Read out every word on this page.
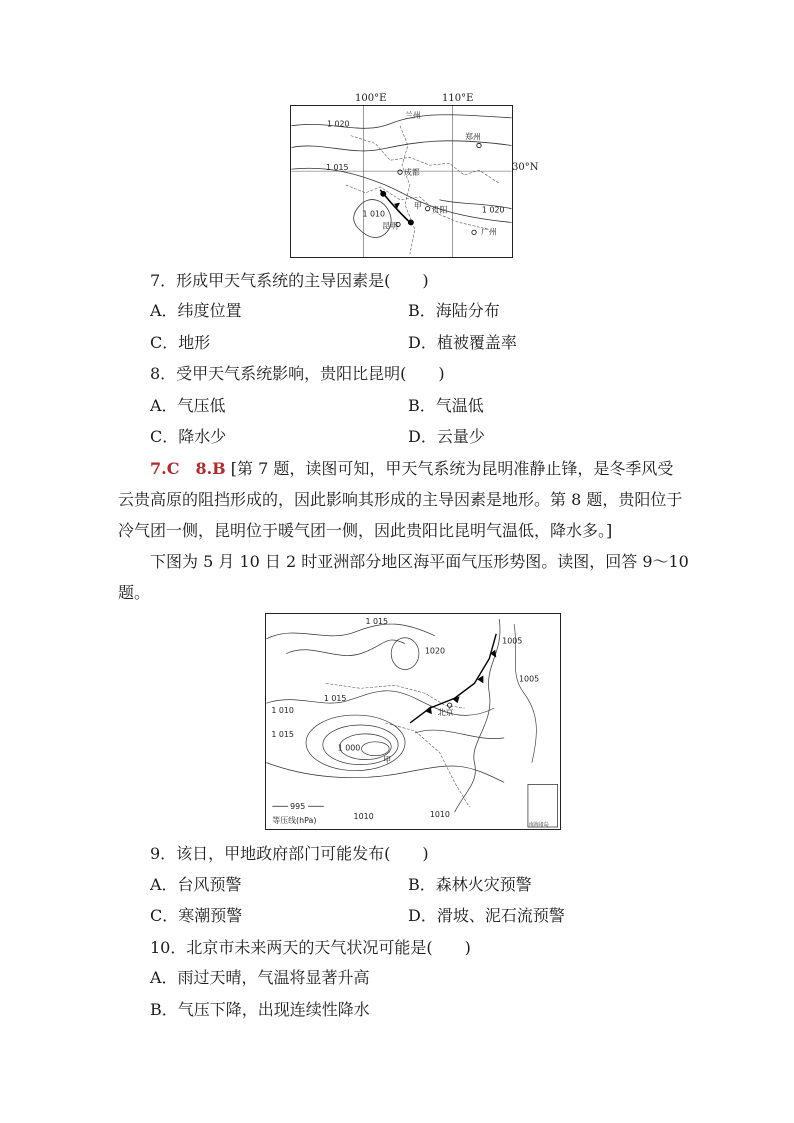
1 020
1 015
1 010	1 020
兰州
郑州
成都
贵阳
昆明
广州
甲
30°N
100°E	110°E
7．形成甲天气系统的主导因素是(　　)
A．纬度位置	B．海陆分布
C．地形	D．植被覆盖率
8．受甲天气系统影响，贵阳比昆明(　　)
A．气压低	B．气温低
C．降水少	D．云量少
7.C　8.B [第 7 题，读图可知，甲天气系统为昆明准静止锋，是冬季风受
云贵高原的阻挡形成的，因此影响其形成的主导因素是地形。第 8 题，贵阳位于
冷气团一侧，昆明位于暖气团一侧，因此贵阳比昆明气温低，降水多。]
下图为 5 月 10 日 2 时亚洲部分地区海平面气压形势图。读图，回答 9～10
题。
1 015
1 015
1 015
1 010
1 000
1020
1005
1005
1010	1010
北京
甲
995
等压线(hPa)	南海诸岛
9．该日，甲地政府部门可能发布(　　)
A．台风预警	B．森林火灾预警
C．寒潮预警	D．滑坡、泥石流预警
10．北京市未来两天的天气状况可能是(　　)
A．雨过天晴，气温将显著升高
B．气压下降，出现连续性降水
